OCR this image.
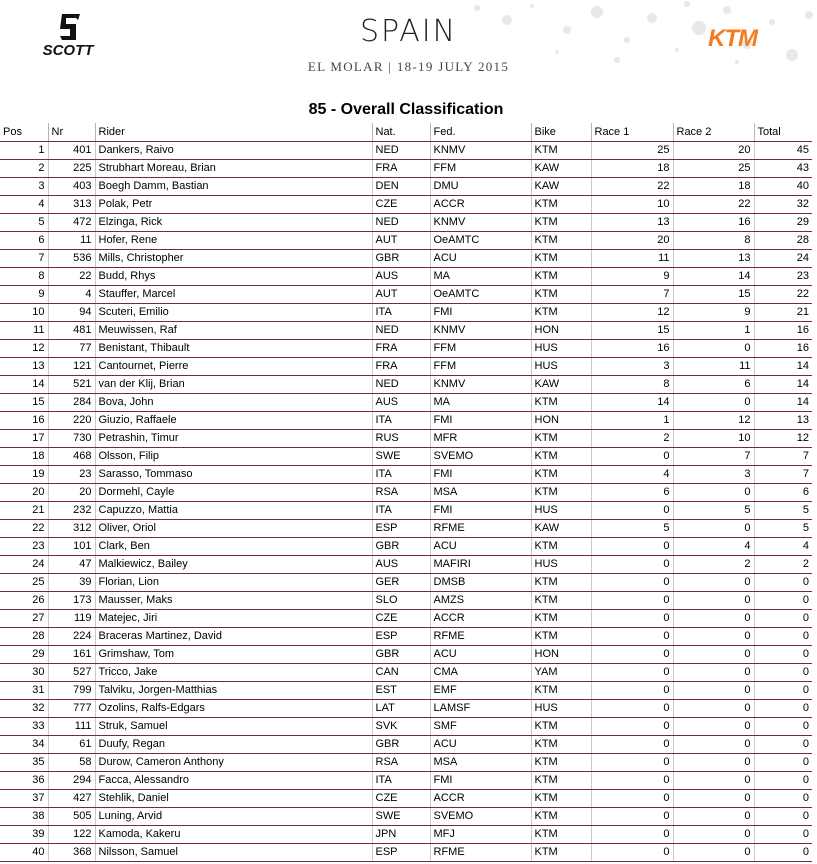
SCOTT
SPAIN
EL MOLAR | 18-19 JULY 2015
KTM
85 - Overall Classification
Pos	Nr	Rider	Nat.	Fed.	Bike	Race 1	Race 2	Total
1	401	Dankers, Raivo	NED	KNMV	KTM	25	20	45
2	225	Strubhart Moreau, Brian	FRA	FFM	KAW	18	25	43
3	403	Boegh Damm, Bastian	DEN	DMU	KAW	22	18	40
4	313	Polak, Petr	CZE	ACCR	KTM	10	22	32
5	472	Elzinga, Rick	NED	KNMV	KTM	13	16	29
6	11	Hofer, Rene	AUT	OeAMTC	KTM	20	8	28
7	536	Mills, Christopher	GBR	ACU	KTM	11	13	24
8	22	Budd, Rhys	AUS	MA	KTM	9	14	23
9	4	Stauffer, Marcel	AUT	OeAMTC	KTM	7	15	22
10	94	Scuteri, Emilio	ITA	FMI	KTM	12	9	21
11	481	Meuwissen, Raf	NED	KNMV	HON	15	1	16
12	77	Benistant, Thibault	FRA	FFM	HUS	16	0	16
13	121	Cantournet, Pierre	FRA	FFM	HUS	3	11	14
14	521	van der Klij, Brian	NED	KNMV	KAW	8	6	14
15	284	Bova, John	AUS	MA	KTM	14	0	14
16	220	Giuzio, Raffaele	ITA	FMI	HON	1	12	13
17	730	Petrashin, Timur	RUS	MFR	KTM	2	10	12
18	468	Olsson, Filip	SWE	SVEMO	KTM	0	7	7
19	23	Sarasso, Tommaso	ITA	FMI	KTM	4	3	7
20	20	Dormehl, Cayle	RSA	MSA	KTM	6	0	6
21	232	Capuzzo, Mattia	ITA	FMI	HUS	0	5	5
22	312	Oliver, Oriol	ESP	RFME	KAW	5	0	5
23	101	Clark, Ben	GBR	ACU	KTM	0	4	4
24	47	Malkiewicz, Bailey	AUS	MAFIRI	HUS	0	2	2
25	39	Florian, Lion	GER	DMSB	KTM	0	0	0
26	173	Mausser, Maks	SLO	AMZS	KTM	0	0	0
27	119	Matejec, Jiri	CZE	ACCR	KTM	0	0	0
28	224	Braceras Martinez, David	ESP	RFME	KTM	0	0	0
29	161	Grimshaw, Tom	GBR	ACU	HON	0	0	0
30	527	Tricco, Jake	CAN	CMA	YAM	0	0	0
31	799	Talviku, Jorgen-Matthias	EST	EMF	KTM	0	0	0
32	777	Ozolins, Ralfs-Edgars	LAT	LAMSF	HUS	0	0	0
33	111	Struk, Samuel	SVK	SMF	KTM	0	0	0
34	61	Duufy, Regan	GBR	ACU	KTM	0	0	0
35	58	Durow, Cameron Anthony	RSA	MSA	KTM	0	0	0
36	294	Facca, Alessandro	ITA	FMI	KTM	0	0	0
37	427	Stehlik, Daniel	CZE	ACCR	KTM	0	0	0
38	505	Luning, Arvid	SWE	SVEMO	KTM	0	0	0
39	122	Kamoda, Kakeru	JPN	MFJ	KTM	0	0	0
40	368	Nilsson, Samuel	ESP	RFME	KTM	0	0	0
